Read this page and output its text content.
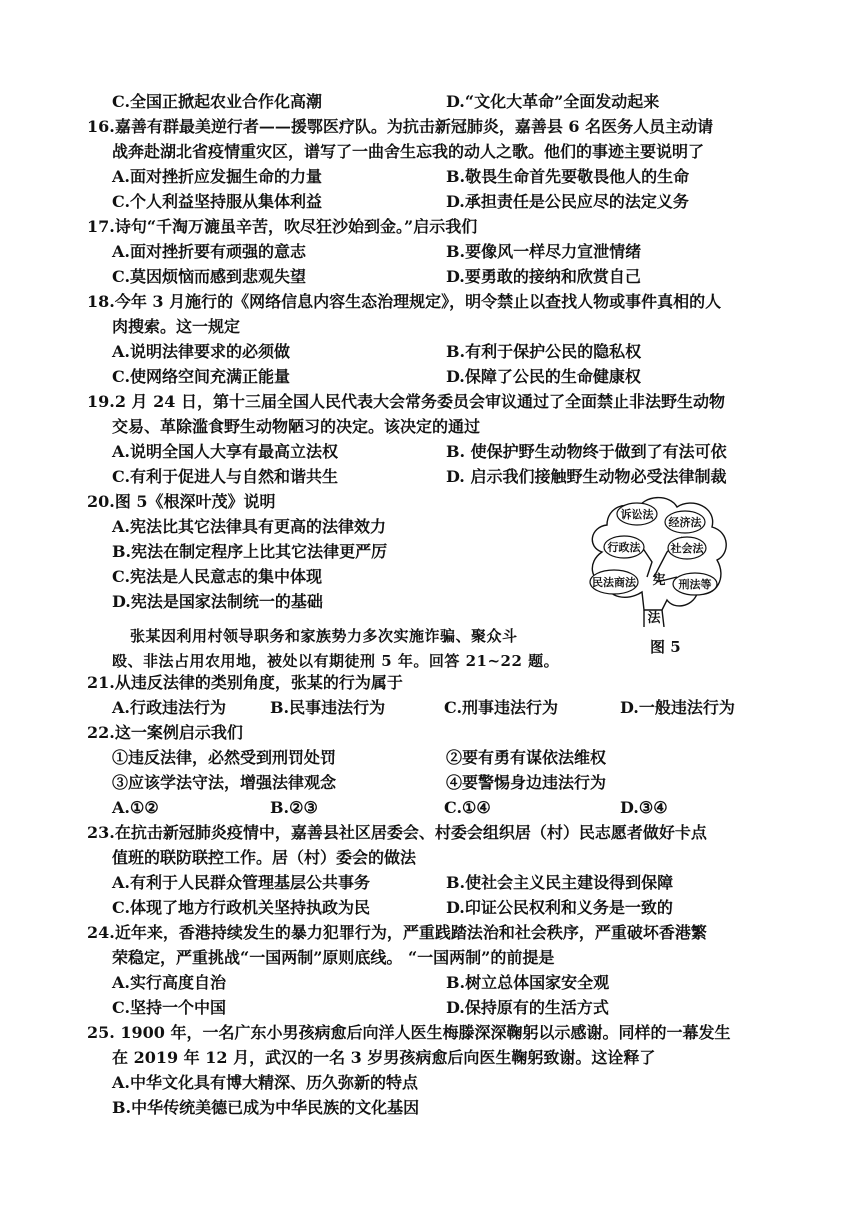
C.全国正掀起农业合作化高潮	D.“文化大革命”全面发动起来
16.嘉善有群最美逆行者——援鄂医疗队。为抗击新冠肺炎，嘉善县 6 名医务人员主动请
战奔赴湖北省疫情重灾区，谱写了一曲舍生忘我的动人之歌。他们的事迹主要说明了
A.面对挫折应发掘生命的力量	B.敬畏生命首先要敬畏他人的生命
C.个人利益坚持服从集体利益	D.承担责任是公民应尽的法定义务
17.诗句“千淘万漉虽辛苦，吹尽狂沙始到金。”启示我们
A.面对挫折要有顽强的意志	B.要像风一样尽力宣泄情绪
C.莫因烦恼而感到悲观失望	D.要勇敢的接纳和欣赏自己
18.今年 3 月施行的《网络信息内容生态治理规定》，明令禁止以查找人物或事件真相的人
肉搜索。这一规定
A.说明法律要求的必须做	B.有利于保护公民的隐私权
C.使网络空间充满正能量	D.保障了公民的生命健康权
19.2 月 24 日，第十三届全国人民代表大会常务委员会审议通过了全面禁止非法野生动物
交易、革除滥食野生动物陋习的决定。该决定的通过
A.说明全国人大享有最高立法权	B. 使保护野生动物终于做到了有法可依
C.有利于促进人与自然和谐共生	D. 启示我们接触野生动物必受法律制裁
20.图 5《根深叶茂》说明
A.宪法比其它法律具有更高的法律效力
B.宪法在制定程序上比其它法律更严厉
C.宪法是人民意志的集中体现
D.宪法是国家法制统一的基础
诉讼法
经济法
行政法	社会法
民法商法	刑法等
宪
法
图 5
张某因利用村领导职务和家族势力多次实施诈骗、聚众斗
殴、非法占用农用地，被处以有期徒刑 5 年。回答 21~22 题。
21.从违反法律的类别角度，张某的行为属于
A.行政违法行为	B.民事违法行为	C.刑事违法行为	D.一般违法行为
22.这一案例启示我们
①违反法律，必然受到刑罚处罚	②要有勇有谋依法维权
③应该学法守法，增强法律观念	④要警惕身边违法行为
A.①②	B.②③	C.①④	D.③④
23.在抗击新冠肺炎疫情中，嘉善县社区居委会、村委会组织居（村）民志愿者做好卡点
值班的联防联控工作。居（村）委会的做法
A.有利于人民群众管理基层公共事务	B.使社会主义民主建设得到保障
C.体现了地方行政机关坚持执政为民	D.印证公民权利和义务是一致的
24.近年来，香港持续发生的暴力犯罪行为，严重践踏法治和社会秩序，严重破坏香港繁
荣稳定，严重挑战“一国两制”原则底线。 “一国两制”的前提是
A.实行高度自治	B.树立总体国家安全观
C.坚持一个中国	D.保持原有的生活方式
25. 1900 年，一名广东小男孩病愈后向洋人医生梅滕深深鞠躬以示感谢。同样的一幕发生
在 2019 年 12 月，武汉的一名 3 岁男孩病愈后向医生鞠躬致谢。这诠释了
A.中华文化具有博大精深、历久弥新的特点
B.中华传统美德已成为中华民族的文化基因
